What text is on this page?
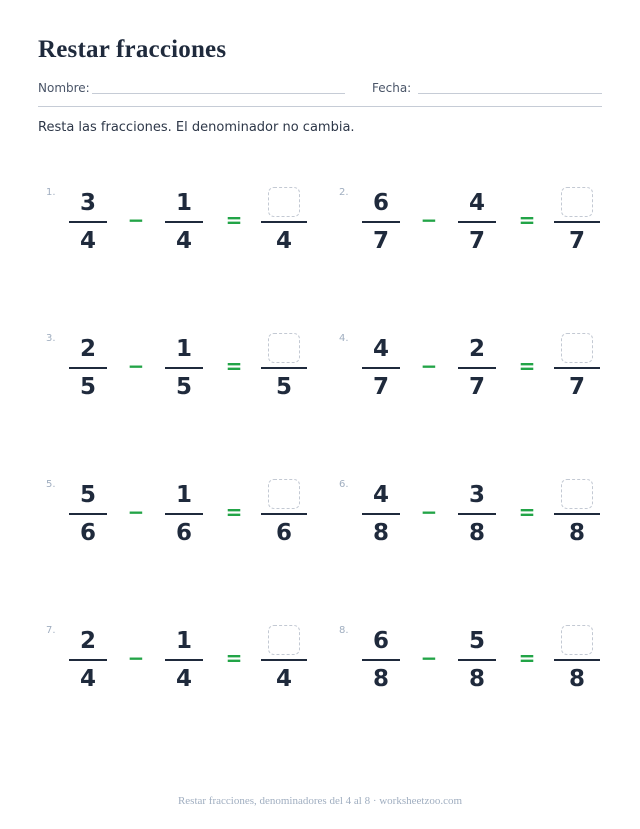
Restar fracciones
Nombre:	Fecha:
Resta las fracciones. El denominador no cambia.
1.	3
4
−
1
4
=
4
2.	6
7
−
4
7
=
7
3.	2
5
−
1
5
=
5
4.	4
7
−
2
7
=
7
5.	5
6
−
1
6
=
6
6.	4
8
−
3
8
=
8
7.	2
4
−
1
4
=
4
8.	6
8
−
5
8
=
8
Restar fracciones, denominadores del 4 al 8 · worksheetzoo.com
